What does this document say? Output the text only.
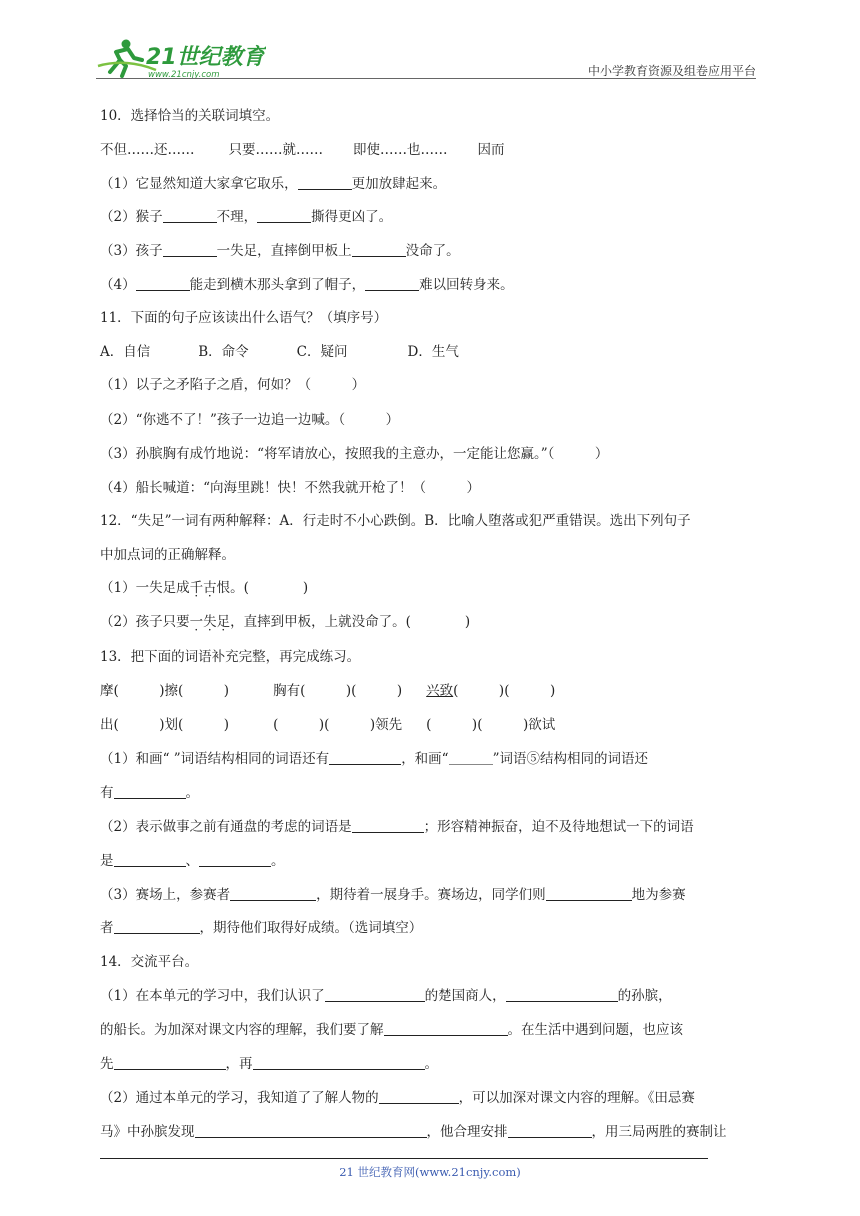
21世纪教育
www.21cnjy.com	中小学教育资源及组卷应用平台
10．选择恰当的关联词填空。
不但……还……	只要……就…… 即使……也…… 因而
（1）它显然知道大家拿它取乐，	更加放肆起来。
（2）猴子	不理，	撕得更凶了。
（3）孩子	一失足，直摔倒甲板上	没命了。
（4）	能走到横木那头拿到了帽子，	难以回转身来。
11．下面的句子应该读出什么语气？（填序号）
A．自信	B．命令	C．疑问	D．生气
（1）以子之矛陷子之盾，何如？（　　　）
（2）“你逃不了！”孩子一边追一边喊。（　　　）
（3）孙膑胸有成竹地说：“将军请放心，按照我的主意办，一定能让您赢。”（　　　）
（4）船长喊道：“向海里跳！快！不然我就开枪了！（　　　）
12．“失足”一词有两种解释：A．行走时不小心跌倒。B．比喻人堕落或犯严重错误。选出下列句子
中加点词的正确解释。
（1）一失足成千古恨。(　　　　)
（2）孩子只要一失足，直摔到甲板，上就没命了。(　　　　)
13．把下面的词语补充完整，再完成练习。
摩(　　　)擦(　　　)	胸有(　　　)(　　　) 兴致(　　　)(　　　)
出(　　　)划(　　　)	(　　　)(　　　)领先 (　　　)(　　　)欲试
（1）和画“ ”词语结构相同的词语还有	，和画“	”词语⑤结构相同的词语还
有	。
（2）表示做事之前有通盘的考虑的词语是	；形容精神振奋，迫不及待地想试一下的词语
是	、	。
（3）赛场上，参赛者	，期待着一展身手。赛场边，同学们则	地为参赛
者	，期待他们取得好成绩。（选词填空）
14．交流平台。
（1）在本单元的学习中，我们认识了	的楚国商人，	的孙膑，
的船长。为加深对课文内容的理解，我们要了解	。在生活中遇到问题，也应该
先	，再	。
（2）通过本单元的学习，我知道了了解人物的	，可以加深对课文内容的理解。《田忌赛
马》中孙膑发现	，他合理安排	，用三局两胜的赛制让
21 世纪教育网(www.21cnjy.com)
